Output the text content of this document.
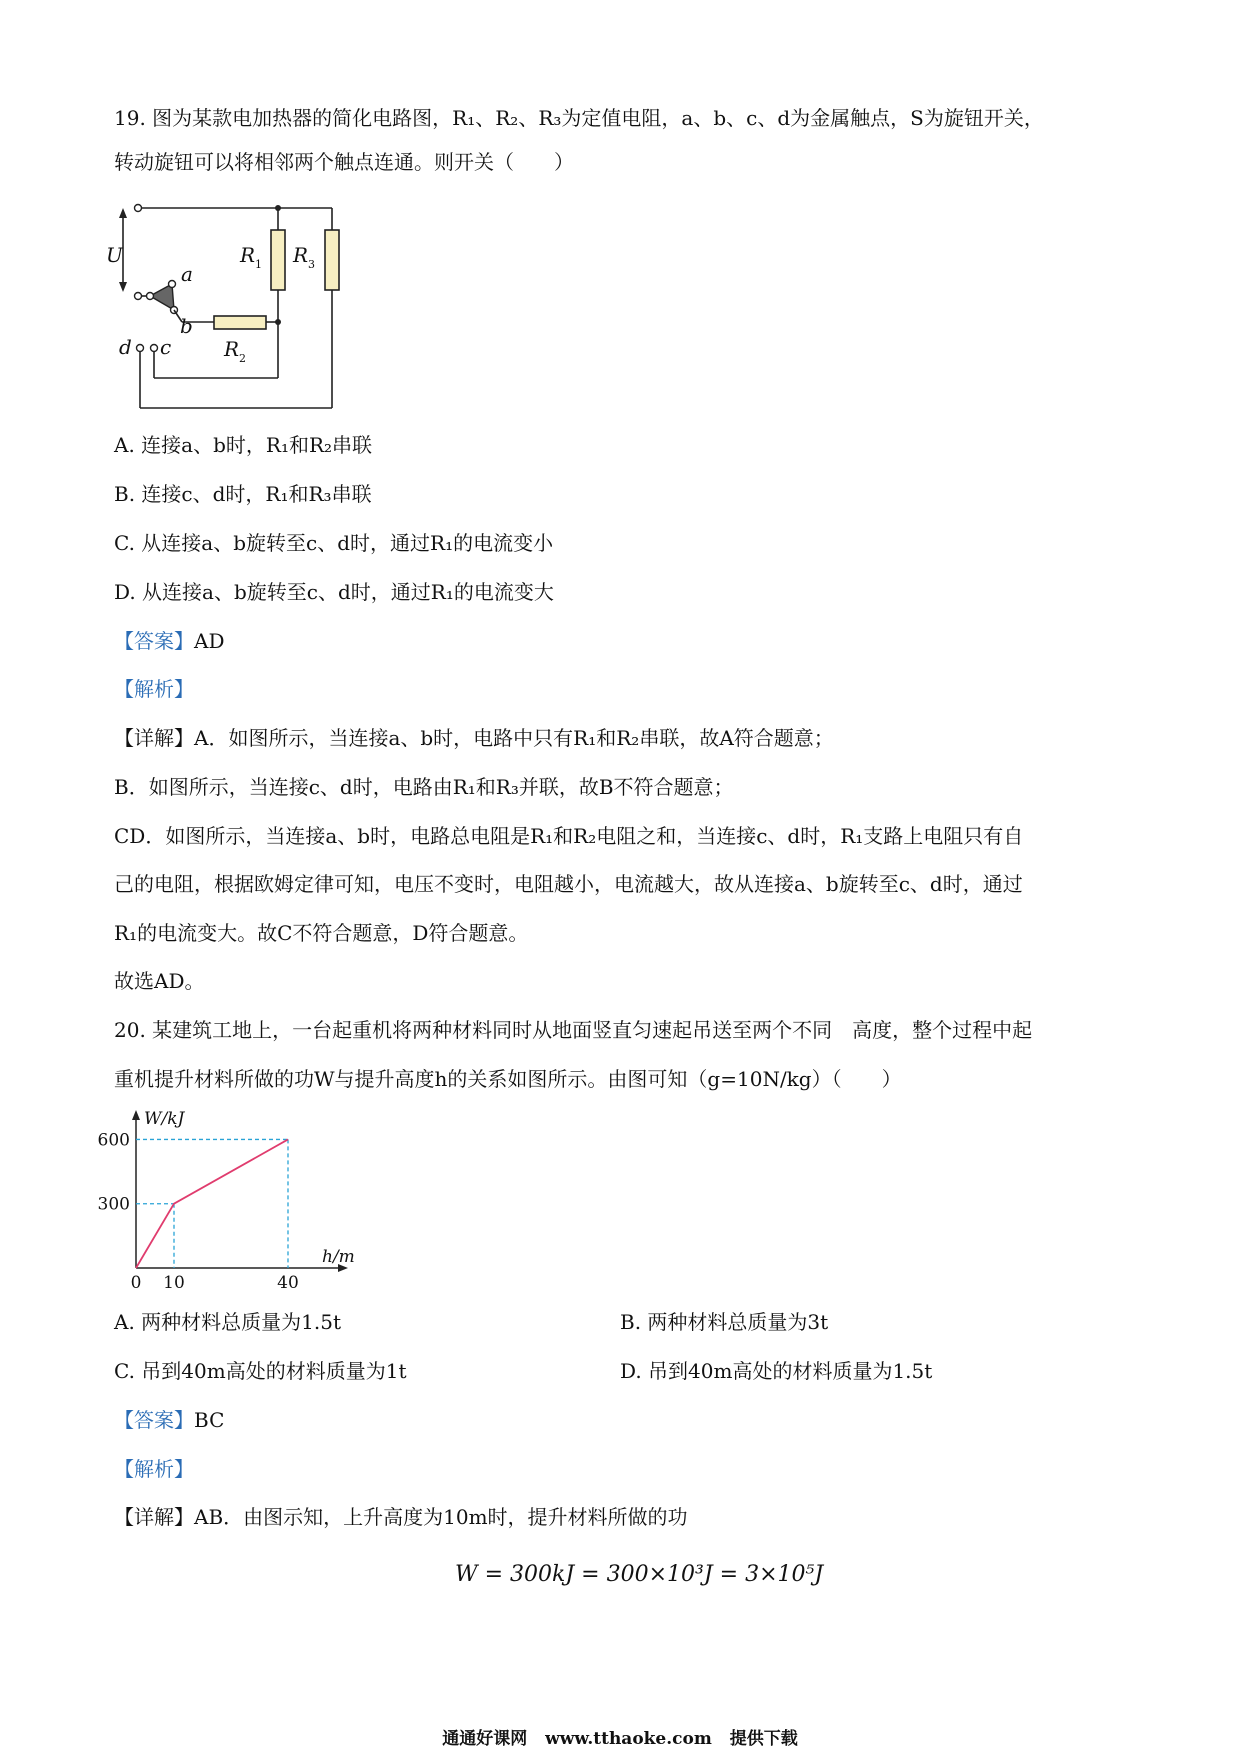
19. 图为某款电加热器的简化电路图，R₁、R₂、R₃为定值电阻，a、b、c、d为金属触点，S为旋钮开关，
转动旋钮可以将相邻两个触点连通。则开关（　　）
U	R R
R
a
b
d c
1	3
2
A. 连接a、b时，R₁和R₂串联
B. 连接c、d时，R₁和R₃串联
C. 从连接a、b旋转至c、d时，通过R₁的电流变小
D. 从连接a、b旋转至c、d时，通过R₁的电流变大
【答案】AD
【解析】
【详解】A．如图所示，当连接a、b时，电路中只有R₁和R₂串联，故A符合题意；
B．如图所示，当连接c、d时，电路由R₁和R₃并联，故B不符合题意；
CD．如图所示，当连接a、b时，电路总电阻是R₁和R₂电阻之和，当连接c、d时，R₁支路上电阻只有自
己的电阻，根据欧姆定律可知，电压不变时，电阻越小，电流越大，故从连接a、b旋转至c、d时，通过
R₁的电流变大。故C不符合题意，D符合题意。
故选AD。
20. 某建筑工地上，一台起重机将两种材料同时从地面竖直匀速起吊送至两个不同　高度，整个过程中起
重机提升材料所做的功W与提升高度h的关系如图所示。由图可知（g=10N/kg）（　　）
0 10	40
300
600
W/kJ
h/m
A. 两种材料总质量为1.5t	B. 两种材料总质量为3t
C. 吊到40m高处的材料质量为1t	D. 吊到40m高处的材料质量为1.5t
【答案】BC
【解析】
【详解】AB．由图示知，上升高度为10m时，提升材料所做的功
W = 300kJ = 300×10³J = 3×10⁵J
通通好课网 www.tthaoke.com 提供下载
